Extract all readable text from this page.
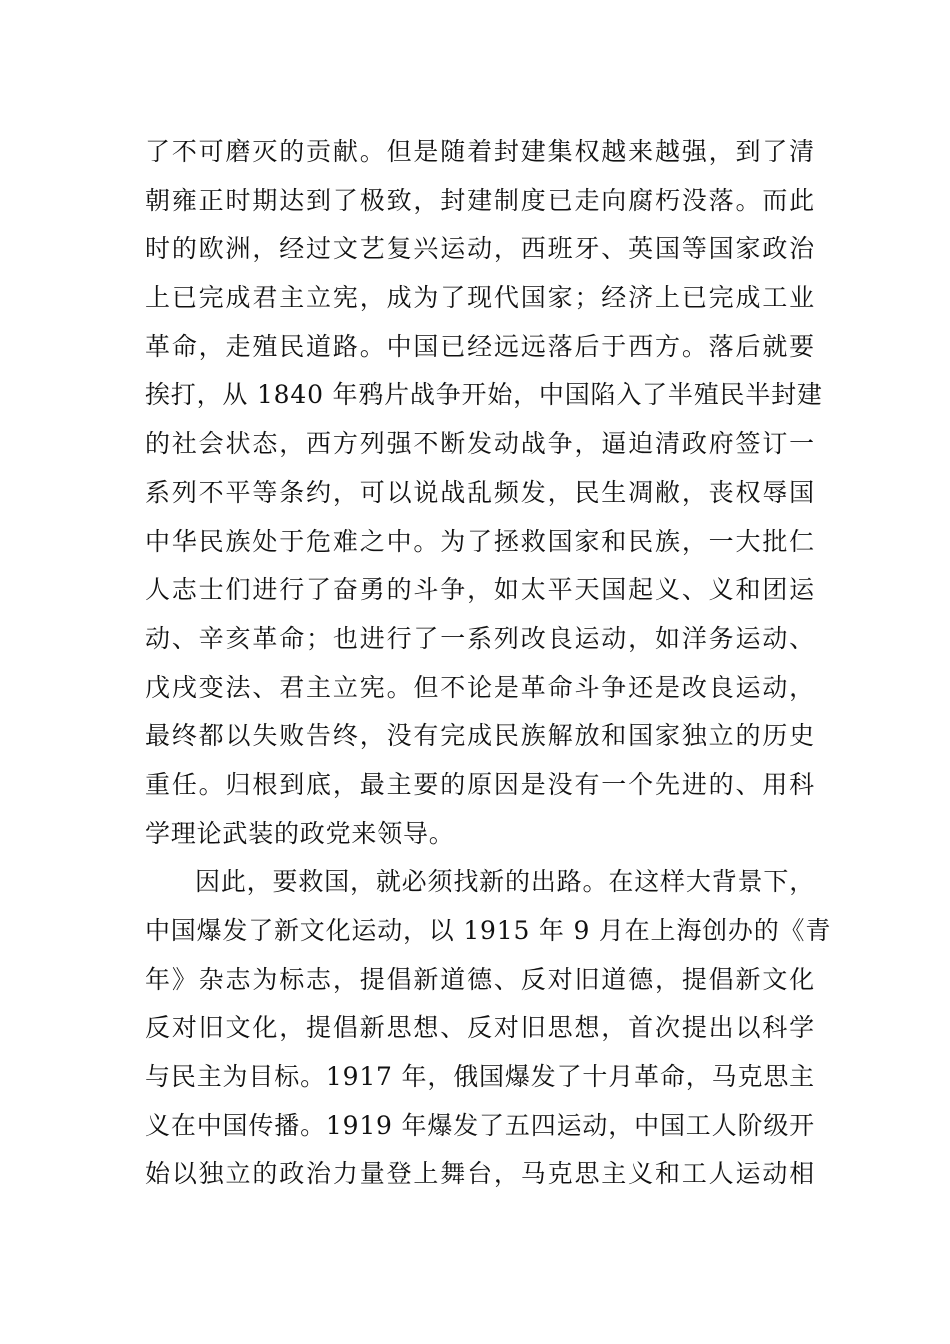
了不可磨灭的贡献。但是随着封建集权越来越强，到了清
朝雍正时期达到了极致，封建制度已走向腐朽没落。而此
时的欧洲，经过文艺复兴运动，西班牙、英国等国家政治
上已完成君主立宪，成为了现代国家；经济上已完成工业
革命，走殖民道路。中国已经远远落后于西方。落后就要
挨打，从 1840 年鸦片战争开始，中国陷入了半殖民半封建
的社会状态，西方列强不断发动战争，逼迫清政府签订一
系列不平等条约，可以说战乱频发，民生凋敝，丧权辱国
中华民族处于危难之中。为了拯救国家和民族，一大批仁
人志士们进行了奋勇的斗争，如太平天国起义、义和团运
动、辛亥革命；也进行了一系列改良运动，如洋务运动、
戊戌变法、君主立宪。但不论是革命斗争还是改良运动，
最终都以失败告终，没有完成民族解放和国家独立的历史
重任。归根到底，最主要的原因是没有一个先进的、用科
学理论武装的政党来领导。
因此，要救国，就必须找新的出路。在这样大背景下，
中国爆发了新文化运动，以 1915 年 9 月在上海创办的《青
年》杂志为标志，提倡新道德、反对旧道德，提倡新文化
反对旧文化，提倡新思想、反对旧思想，首次提出以科学
与民主为目标。1917 年，俄国爆发了十月革命，马克思主
义在中国传播。1919 年爆发了五四运动，中国工人阶级开
始以独立的政治力量登上舞台，马克思主义和工人运动相
